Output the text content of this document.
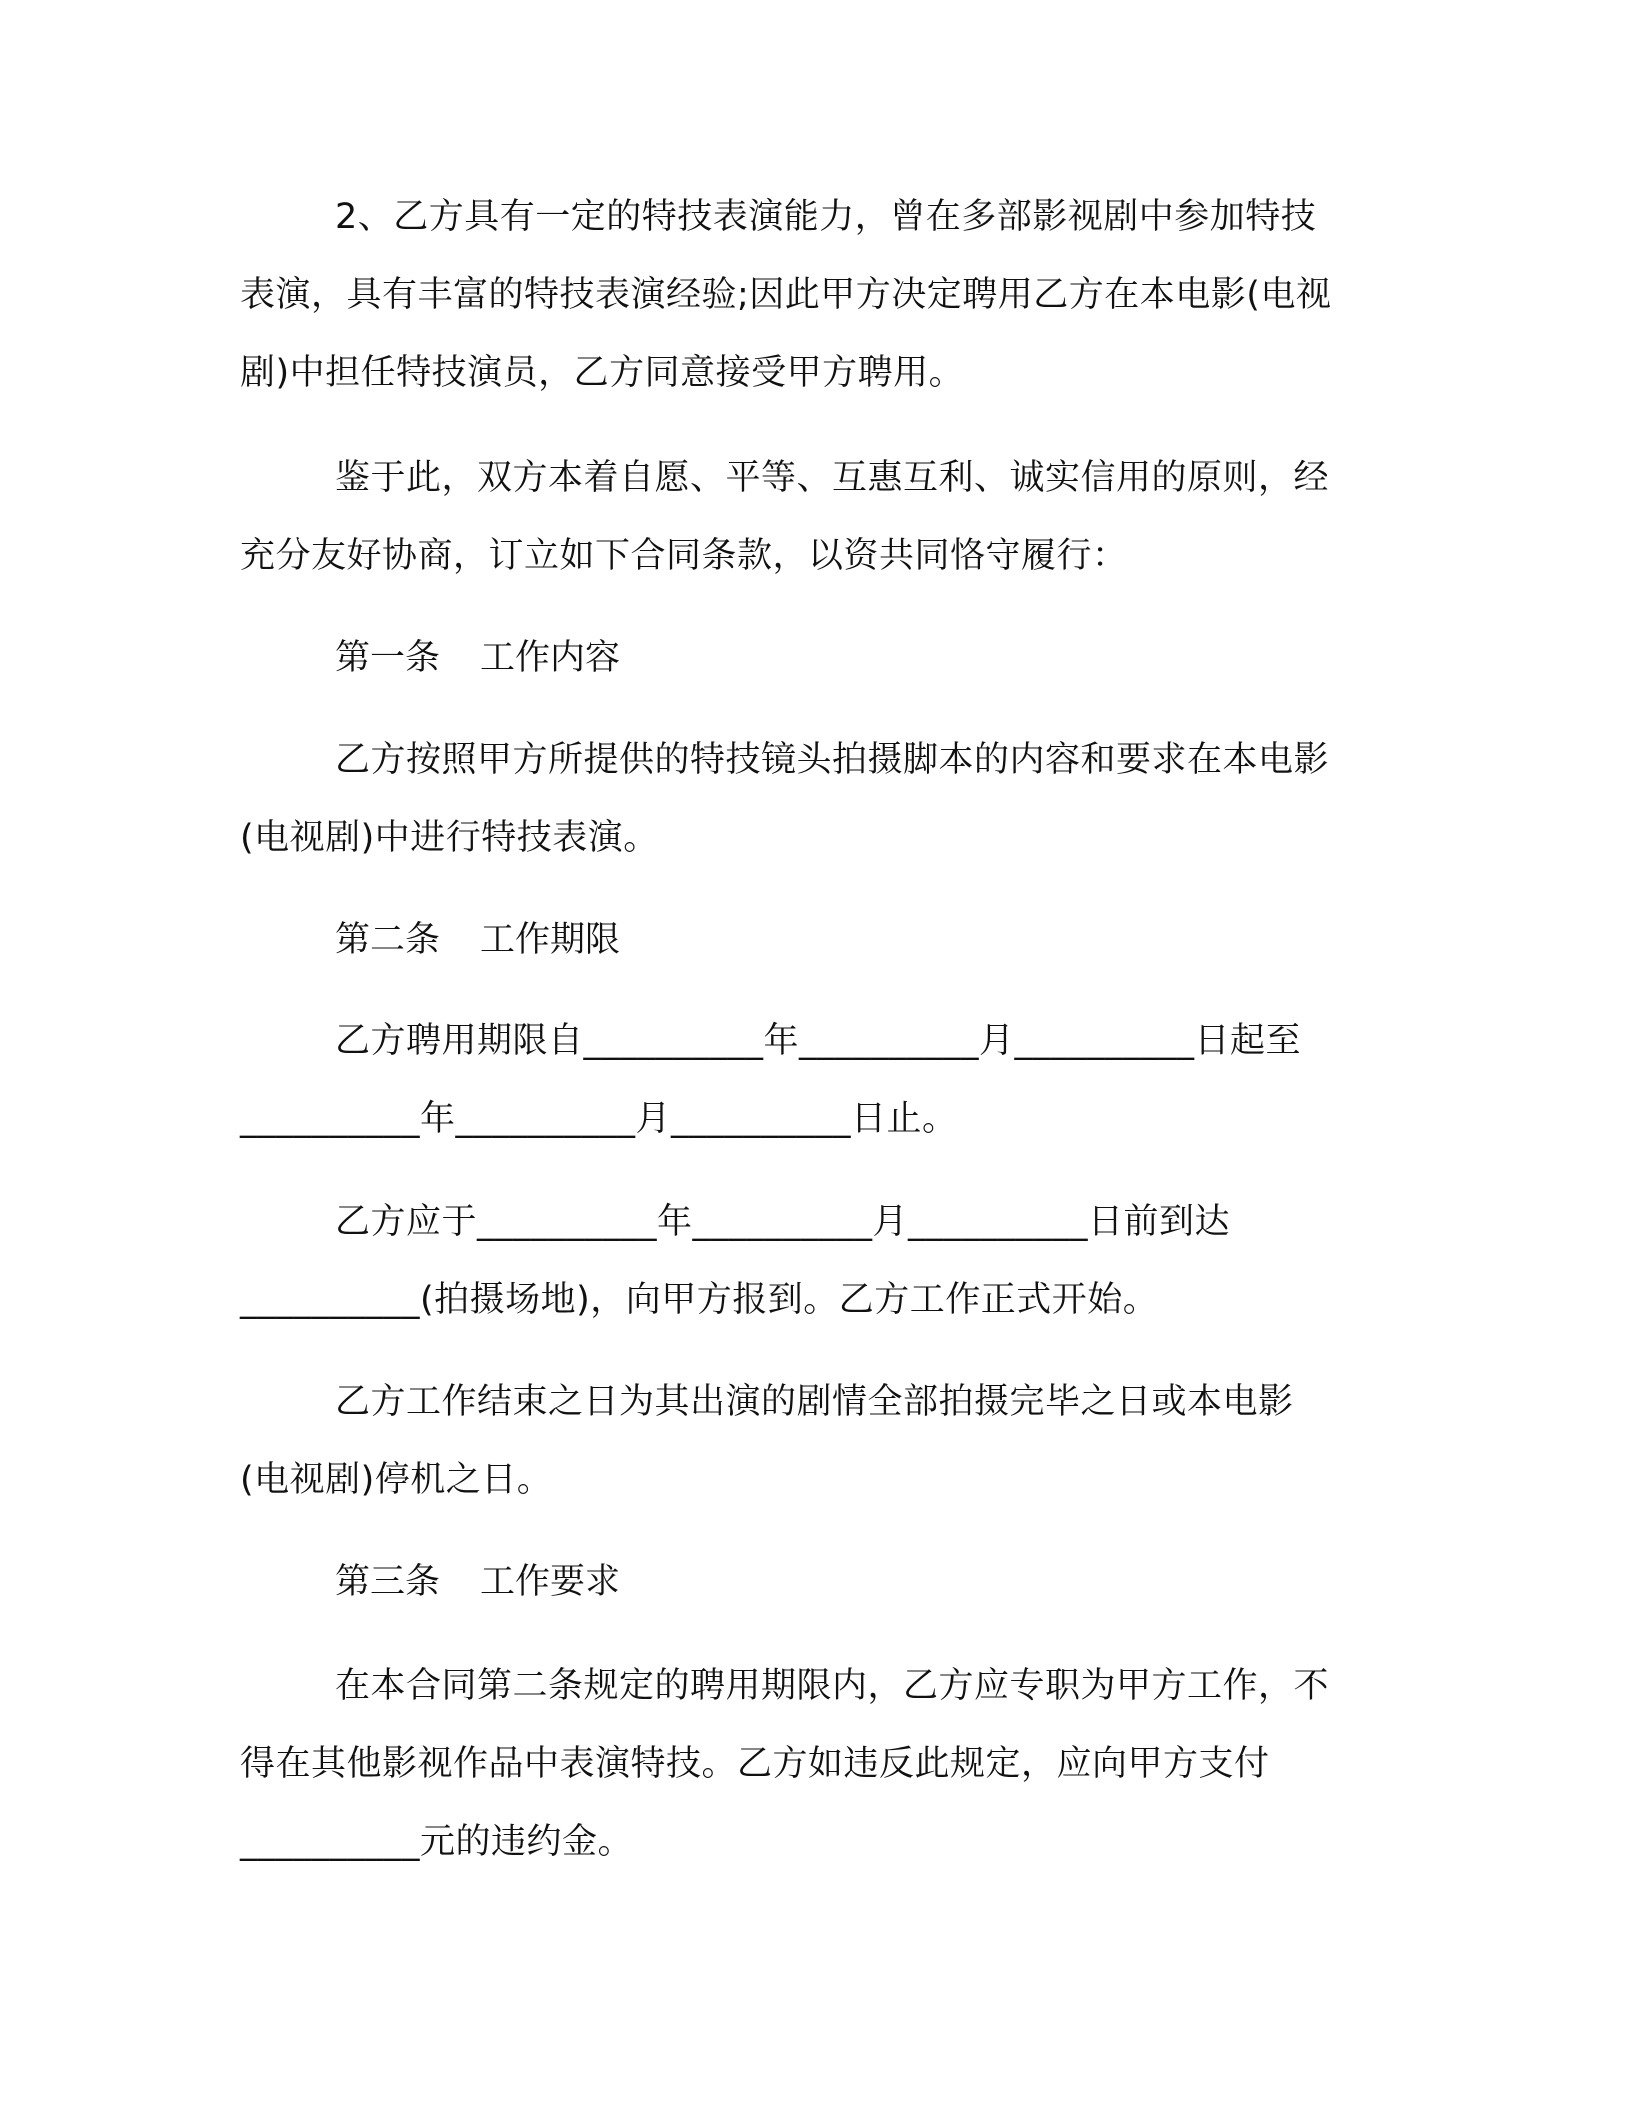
2、乙方具有一定的特技表演能力，曾在多部影视剧中参加特技
表演，具有丰富的特技表演经验;因此甲方决定聘用乙方在本电影(电视
剧)中担任特技演员，乙方同意接受甲方聘用。
鉴于此，双方本着自愿、平等、互惠互利、诚实信用的原则，经
充分友好协商，订立如下合同条款，以资共同恪守履行：
第一条 工作内容
乙方按照甲方所提供的特技镜头拍摄脚本的内容和要求在本电影
(电视剧)中进行特技表演。
第二条 工作期限
乙方聘用期限自__________年__________月__________日起至
__________年__________月__________日止。
乙方应于__________年__________月__________日前到达
__________(拍摄场地)，向甲方报到。乙方工作正式开始。
乙方工作结束之日为其出演的剧情全部拍摄完毕之日或本电影
(电视剧)停机之日。
第三条 工作要求
在本合同第二条规定的聘用期限内，乙方应专职为甲方工作，不
得在其他影视作品中表演特技。乙方如违反此规定，应向甲方支付
__________元的违约金。
